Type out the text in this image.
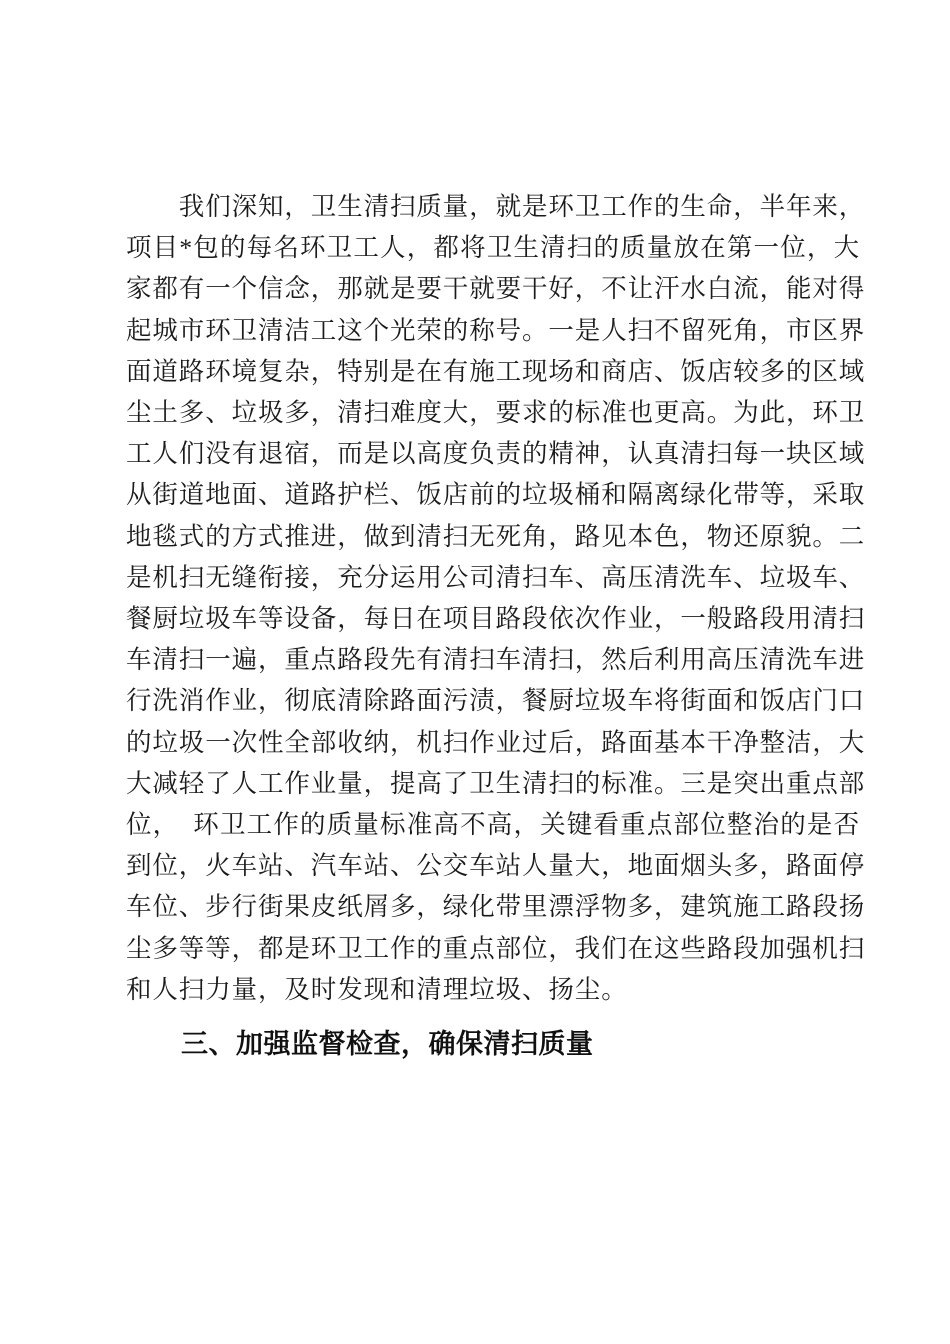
　　我们深知，卫生清扫质量，就是环卫工作的生命，半年来，
项目*包的每名环卫工人，都将卫生清扫的质量放在第一位，大
家都有一个信念，那就是要干就要干好，不让汗水白流，能对得
起城市环卫清洁工这个光荣的称号。一是人扫不留死角，市区界
面道路环境复杂，特别是在有施工现场和商店、饭店较多的区域
尘土多、垃圾多，清扫难度大，要求的标准也更高。为此，环卫
工人们没有退宿，而是以高度负责的精神，认真清扫每一块区域
从街道地面、道路护栏、饭店前的垃圾桶和隔离绿化带等，采取
地毯式的方式推进，做到清扫无死角，路见本色，物还原貌。二
是机扫无缝衔接，充分运用公司清扫车、高压清洗车、垃圾车、
餐厨垃圾车等设备，每日在项目路段依次作业，一般路段用清扫
车清扫一遍，重点路段先有清扫车清扫，然后利用高压清洗车进
行洗消作业，彻底清除路面污渍，餐厨垃圾车将街面和饭店门口
的垃圾一次性全部收纳，机扫作业过后，路面基本干净整洁，大
大减轻了人工作业量，提高了卫生清扫的标准。三是突出重点部
位，　环卫工作的质量标准高不高，关键看重点部位整治的是否
到位，火车站、汽车站、公交车站人量大，地面烟头多，路面停
车位、步行街果皮纸屑多，绿化带里漂浮物多，建筑施工路段扬
尘多等等，都是环卫工作的重点部位，我们在这些路段加强机扫
和人扫力量，及时发现和清理垃圾、扬尘。
三、加强监督检查，确保清扫质量
